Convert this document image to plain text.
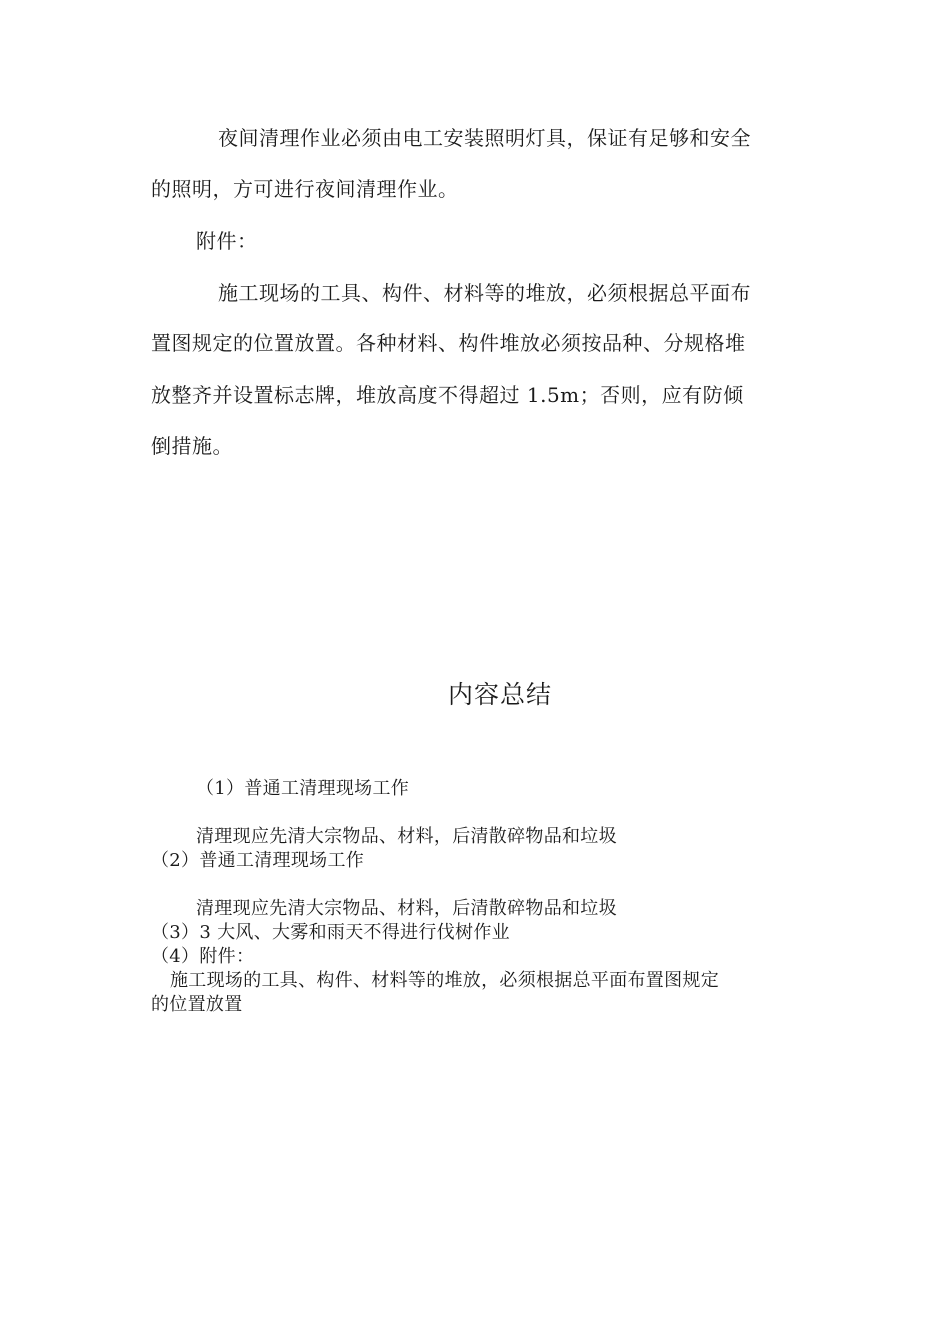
夜间清理作业必须由电工安装照明灯具，保证有足够和安全
的照明，方可进行夜间清理作业。
附件：
施工现场的工具、构件、材料等的堆放，必须根据总平面布
置图规定的位置放置。各种材料、构件堆放必须按品种、分规格堆
放整齐并设置标志牌，堆放高度不得超过 1.5m；否则，应有防倾
倒措施。
内容总结
（1）普通工清理现场工作
清理现应先清大宗物品、材料，后清散碎物品和垃圾
（2）普通工清理现场工作
清理现应先清大宗物品、材料，后清散碎物品和垃圾
（3）3 大风、大雾和雨天不得进行伐树作业
（4）附件：
施工现场的工具、构件、材料等的堆放，必须根据总平面布置图规定
的位置放置
